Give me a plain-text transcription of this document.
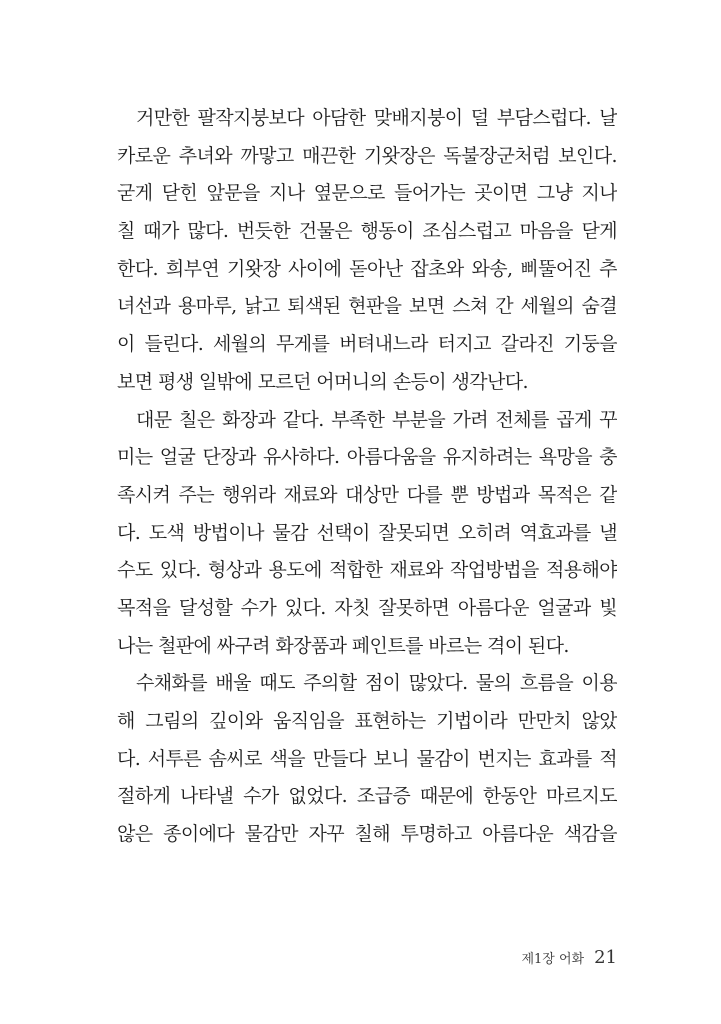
거만한 팔작지붕보다 아담한 맞배지붕이 덜 부담스럽다. 날
카로운 추녀와 까맣고 매끈한 기왓장은 독불장군처럼 보인다.
굳게 닫힌 앞문을 지나 옆문으로 들어가는 곳이면 그냥 지나
칠 때가 많다. 번듯한 건물은 행동이 조심스럽고 마음을 닫게
한다. 희부연 기왓장 사이에 돋아난 잡초와 와송, 삐뚤어진 추
녀선과 용마루, 낡고 퇴색된 현판을 보면 스쳐 간 세월의 숨결
이 들린다. 세월의 무게를 버텨내느라 터지고 갈라진 기둥을
보면 평생 일밖에 모르던 어머니의 손등이 생각난다.
대문 칠은 화장과 같다. 부족한 부분을 가려 전체를 곱게 꾸
미는 얼굴 단장과 유사하다. 아름다움을 유지하려는 욕망을 충
족시켜 주는 행위라 재료와 대상만 다를 뿐 방법과 목적은 같
다. 도색 방법이나 물감 선택이 잘못되면 오히려 역효과를 낼
수도 있다. 형상과 용도에 적합한 재료와 작업방법을 적용해야
목적을 달성할 수가 있다. 자칫 잘못하면 아름다운 얼굴과 빛
나는 철판에 싸구려 화장품과 페인트를 바르는 격이 된다.
수채화를 배울 때도 주의할 점이 많았다. 물의 흐름을 이용
해 그림의 깊이와 움직임을 표현하는 기법이라 만만치 않았
다. 서투른 솜씨로 색을 만들다 보니 물감이 번지는 효과를 적
절하게 나타낼 수가 없었다. 조급증 때문에 한동안 마르지도
않은 종이에다 물감만 자꾸 칠해 투명하고 아름다운 색감을
제1장 어화 21
